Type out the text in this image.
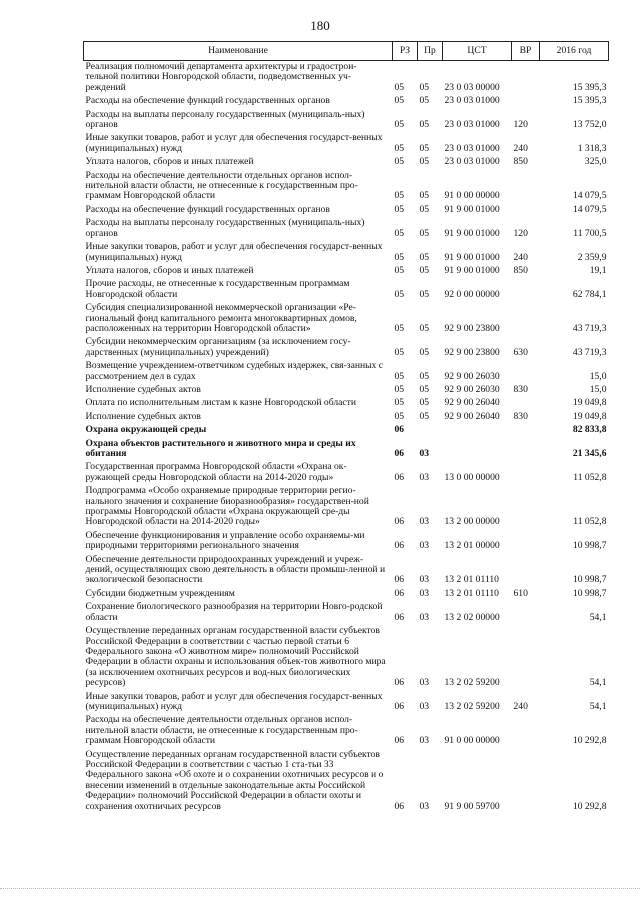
180
Наименование	РЗ	Пр	ЦСТ	ВР	2016 год
Реализация полномочий департамента архитектуры и градострои-тельной политики Новгородской области, подведомственных уч-реждений	05	05	23 0 03 00000		15 395,3
Расходы на обеспечение функций государственных органов	05	05	23 0 03 01000		15 395,3
Расходы на выплаты персоналу государственных (муниципаль-ных) органов	05	05	23 0 03 01000	120	13 752,0
Иные закупки товаров, работ и услуг для обеспечения государст-венных (муниципальных) нужд	05	05	23 0 03 01000	240	1 318,3
Уплата налогов, сборов и иных платежей	05	05	23 0 03 01000	850	325,0
Расходы на обеспечение деятельности отдельных органов испол-нительной власти области, не отнесенные к государственным про-граммам Новгородской области	05	05	91 0 00 00000		14 079,5
Расходы на обеспечение функций государственных органов	05	05	91 9 00 01000		14 079,5
Расходы на выплаты персоналу государственных (муниципаль-ных) органов	05	05	91 9 00 01000	120	11 700,5
Иные закупки товаров, работ и услуг для обеспечения государст-венных (муниципальных) нужд	05	05	91 9 00 01000	240	2 359,9
Уплата налогов, сборов и иных платежей	05	05	91 9 00 01000	850	19,1
Прочие расходы, не отнесенные к государственным программам Новгородской области	05	05	92 0 00 00000		62 784,1
Субсидия специализированной некоммерческой организации «Ре-гиональный фонд капитального ремонта многоквартирных домов, расположенных на территории Новгородской области»	05	05	92 9 00 23800		43 719,3
Субсидии некоммерческим организациям (за исключением госу-дарственных (муниципальных) учреждений)	05	05	92 9 00 23800	630	43 719,3
Возмещение учреждением-ответчиком судебных издержек, свя-занных с рассмотрением дел в судах	05	05	92 9 00 26030		15,0
Исполнение судебных актов	05	05	92 9 00 26030	830	15,0
Оплата по исполнительным листам к казне Новгородской области	05	05	92 9 00 26040		19 049,8
Исполнение судебных актов	05	05	92 9 00 26040	830	19 049,8
Охрана окружающей среды	06				82 833,8
Охрана объектов растительного и животного мира и среды их обитания	06	03			21 345,6
Государственная программа Новгородской области «Охрана ок-ружающей среды Новгородской области на 2014-2020 годы»	06	03	13 0 00 00000		11 052,8
Подпрограмма «Особо охраняемые природные территории регио-нального значения и сохранение биоразнообразия» государствен-ной программы Новгородской области «Охрана окружающей сре-ды Новгородской области на 2014-2020 годы»	06	03	13 2 00 00000		11 052,8
Обеспечение функционирования и управление особо охраняемы-ми природными территориями регионального значения	06	03	13 2 01 00000		10 998,7
Обеспечение деятельности природоохранных учреждений и учреж-дений, осуществляющих свою деятельность в области промыш-ленной и экологической безопасности	06	03	13 2 01 01110		10 998,7
Субсидии бюджетным учреждениям	06	03	13 2 01 01110	610	10 998,7
Сохранение биологического разнообразия на территории Новго-родской области	06	03	13 2 02 00000		54,1
Осуществление переданных органам государственной власти субъектов Российской Федерации в соответствии с частью первой статьи 6 Федерального закона «О животном мире» полномочий Российской Федерации в области охраны и использования объек-тов животного мира (за исключением охотничьих ресурсов и вод-ных биологических ресурсов)	06	03	13 2 02 59200		54,1
Иные закупки товаров, работ и услуг для обеспечения государст-венных (муниципальных) нужд	06	03	13 2 02 59200	240	54,1
Расходы на обеспечение деятельности отдельных органов испол-нительной власти области, не отнесенные к государственным про-граммам Новгородской области	06	03	91 0 00 00000		10 292,8
Осуществление переданных органам государственной власти субъектов Российской Федерации в соответствии с частью 1 ста-тьи 33 Федерального закона «Об охоте и о сохранении охотничьих ресурсов и о внесении изменений в отдельные законодательные акты Российской Федерации» полномочий Российской Федерации в области охоты и сохранения охотничьих ресурсов	06	03	91 9 00 59700		10 292,8
